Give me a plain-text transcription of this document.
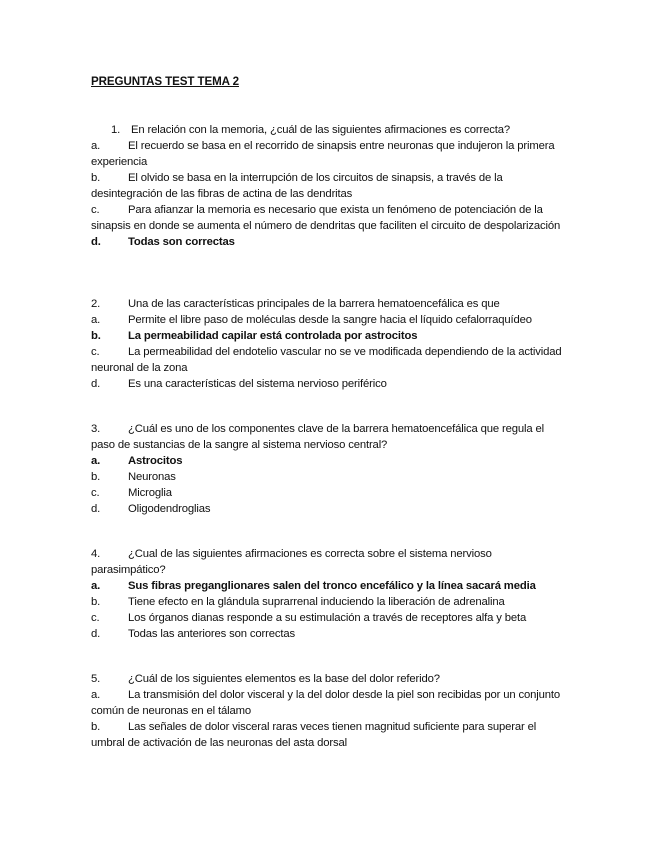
PREGUNTAS TEST TEMA 2

1. En relación con la memoria, ¿cuál de las siguientes afirmaciones es correcta?

a. El recuerdo se basa en el recorrido de sinapsis entre neuronas que indujeron la primera experiencia

b. El olvido se basa en la interrupción de los circuitos de sinapsis, a través de la desintegración de las fibras de actina de las dendritas

c.	Para afianzar la memoria es necesario que exista un fenómeno de potenciación de la sinapsis en donde se aumenta el número de dendritas que faciliten el circuito de despolarización

d. Todas son correctas

2. Una de las características principales de la barrera hematoencefálica es que

a. Permite el libre paso de moléculas desde la sangre hacia el líquido cefalorraquídeo

b. La permeabilidad capilar está controlada por astrocitos

c.	La permeabilidad del endotelio vascular no se ve modificada dependiendo de la actividad neuronal de la zona

d. Es una características del sistema nervioso periférico

3. ¿Cuál es uno de los componentes clave de la barrera hematoencefálica que regula el paso de sustancias de la sangre al sistema nervioso central?

a. Astrocitos

b. Neuronas

c.	Microglia

d. Oligodendroglias

4. ¿Cual de las siguientes afirmaciones es correcta sobre el sistema nervioso parasimpático?

a. Sus fibras preganglionares salen del tronco encefálico y la línea sacará media

b. Tiene efecto en la glándula suprarrenal induciendo la liberación de adrenalina

c.	Los órganos dianas responde a su estimulación a través de receptores alfa y beta

d. Todas las anteriores son correctas

5. ¿Cuál de los siguientes elementos es la base del dolor referido?

a. La transmisión del dolor visceral y la del dolor desde la piel son recibidas por un conjunto común de neuronas en el tálamo

b. Las señales de dolor visceral raras veces tienen magnitud suficiente para superar el umbral de activación de las neuronas del asta dorsal
